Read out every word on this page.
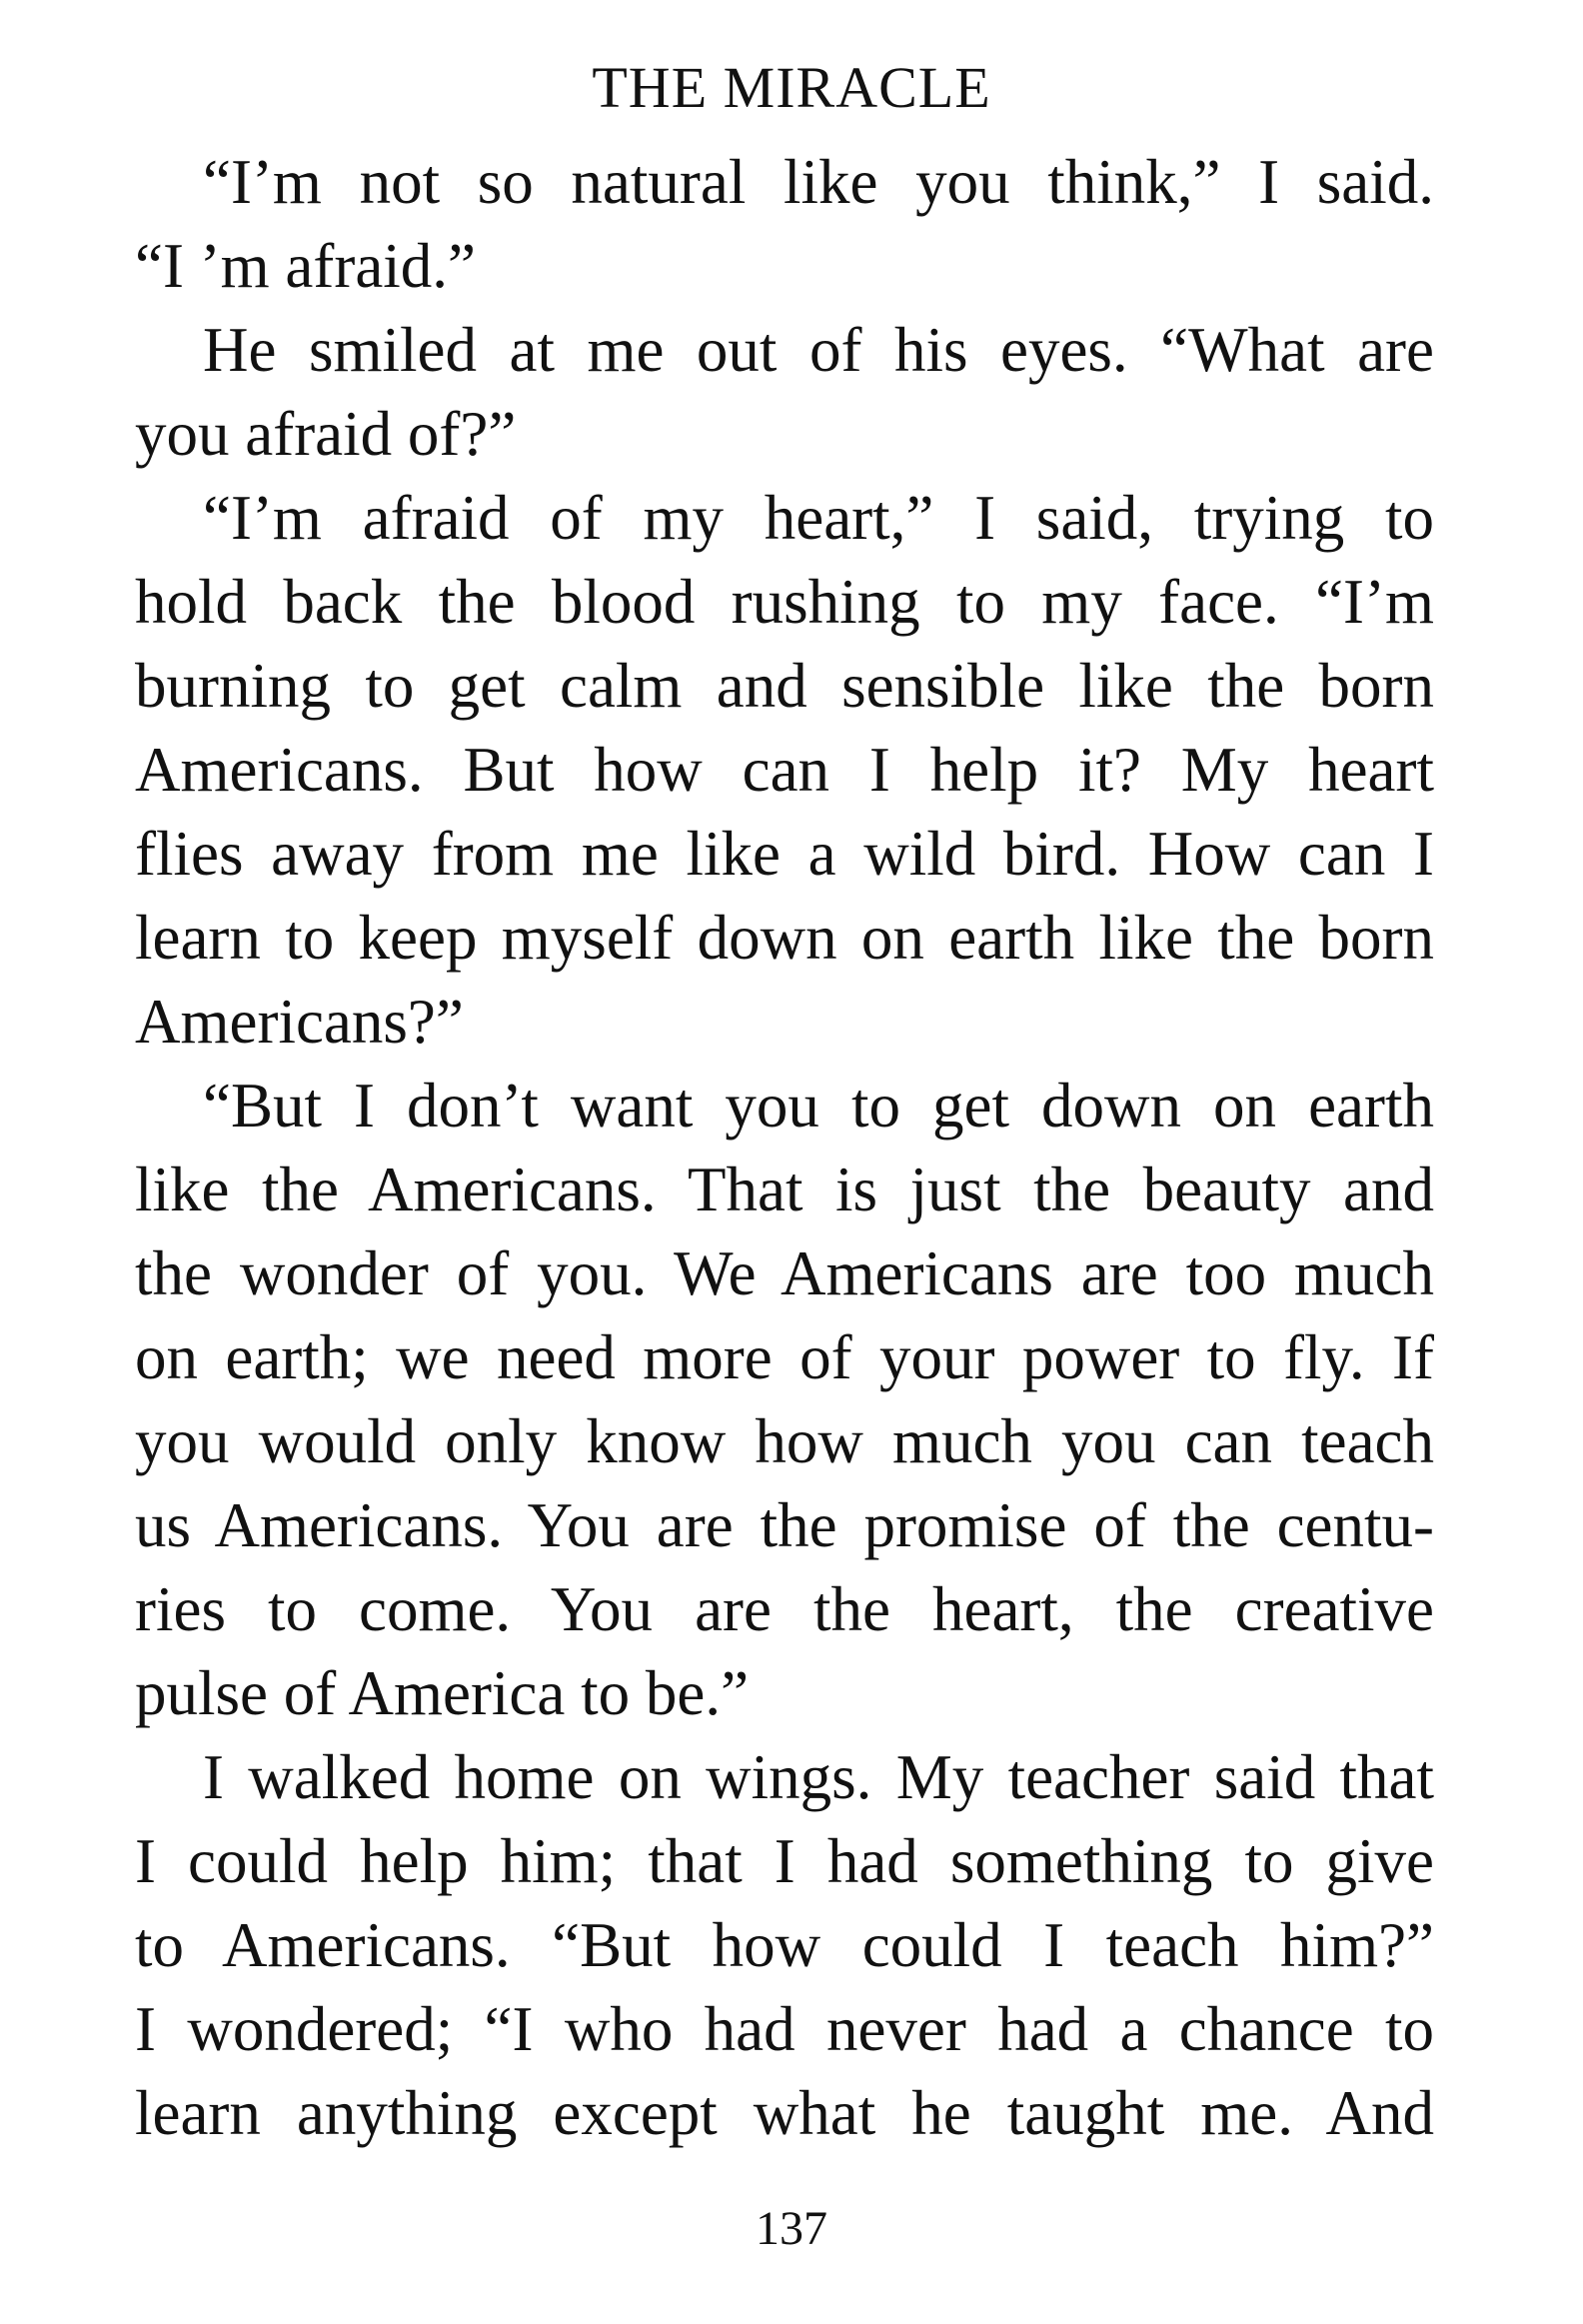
THE MIRACLE
“I’m not so natural like you think,” I said.
“I ’m afraid.”
He smiled at me out of his eyes. “What are
you afraid of?”
“I’m afraid of my heart,” I said, trying to
hold back the blood rushing to my face. “I’m
burning to get calm and sensible like the born
Americans. But how can I help it? My heart
flies away from me like a wild bird. How can I
learn to keep myself down on earth like the born
Americans?”
“But I don’t want you to get down on earth
like the Americans. That is just the beauty and
the wonder of you. We Americans are too much
on earth; we need more of your power to fly. If
you would only know how much you can teach
us Americans. You are the promise of the centu-
ries to come. You are the heart, the creative
pulse of America to be.”
I walked home on wings. My teacher said that
I could help him; that I had something to give
to Americans. “But how could I teach him?”
I wondered; “I who had never had a chance to
learn anything except what he taught me. And
137
